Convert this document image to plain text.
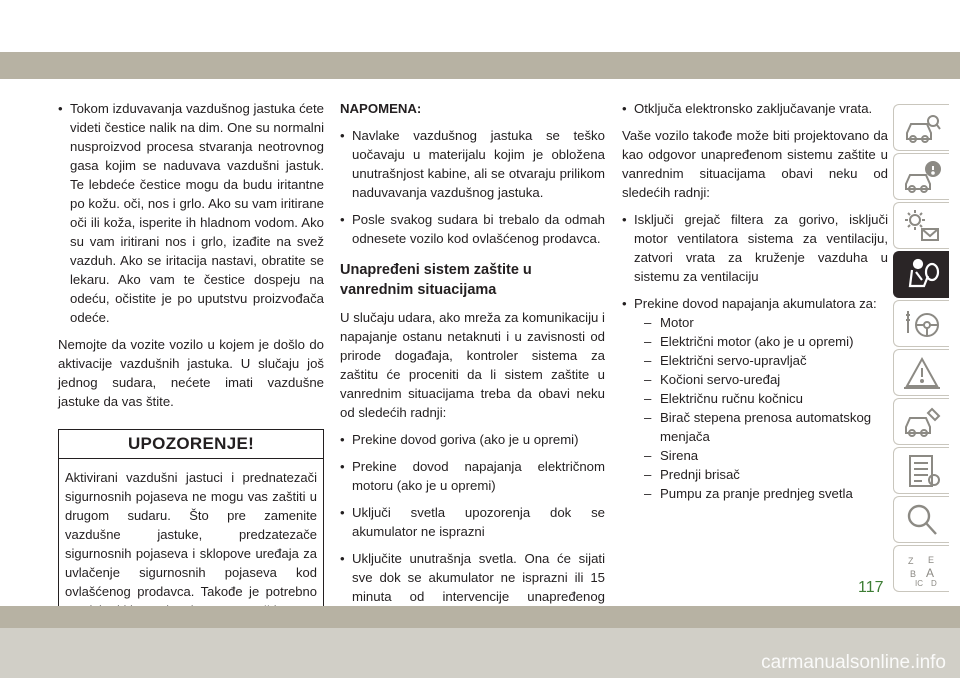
• Tokom izduvavanja vazdušnog jastuka ćete videti čestice nalik na dim. One su normalni nusproizvod procesa stvaranja neotrovnog gasa kojim se naduvava vazdušni jastuk. Te lebdeće čestice mogu da budu iritantne po kožu. oči, nos i grlo. Ako su vam iritirane oči ili koža, isperite ih hladnom vodom. Ako su vam iritirani nos i grlo, izađite na svež vazduh. Ako se iritacija nastavi, obratite se lekaru. Ako vam te čestice dospeju na odeću, očistite je po uputstvu proizvođača odeće.
Nemojte da vozite vozilo u kojem je došlo do aktivacije vazdušnih jastuka. U slučaju još jednog sudara, nećete imati vazdušne jastuke da vas štite.
UPOZORENJE!
Aktivirani vazdušni jastuci i prednatezači sigurnosnih pojaseva ne mogu vas zaštiti u drugom sudaru. Što pre zamenite vazdušne jastuke, predzatezače sigurnosnih pojaseva i sklopove uređaja za uvlačenje sigurnosnih pojaseva kod ovlašćenog prodavca. Takođe je potrebno
NAPOMENA:
• Navlake vazdušnog jastuka se teško uočavaju u materijalu kojim je obložena unutrašnjost kabine, ali se otvaraju prilikom naduvavanja vazdušnog jastuka.
• Posle svakog sudara bi trebalo da odmah odnesete vozilo kod ovlašćenog prodavca.
Unapređeni sistem zaštite u vanrednim situacijama
U slučaju udara, ako mreža za komunikaciju i napajanje ostanu netaknuti i u zavisnosti od prirode događaja, kontroler sistema za zaštitu će proceniti da li sistem zaštite u vanrednim situacijama treba da obavi neku od sledećih radnji:
• Prekine dovod goriva (ako je u opremi)
• Prekine dovod napajanja električnom motoru (ako je u opremi)
• Uključi svetla upozorenja dok se akumulator ne isprazni
• Uključite unutrašnja svetla. Ona će sijati sve dok se akumulator ne isprazni ili 15 minuta od intervencije unapređenog
• Otključa elektronsko zaključavanje vrata.
Vaše vozilo takođe može biti projektovano da kao odgovor unapređenom sistemu zaštite u vanrednim situacijama obavi neku od sledećih radnji:
• Isključi grejač filtera za gorivo, isključi motor ventilatora sistema za ventilaciju, zatvori vrata za kruženje vazduha u sistemu za ventilaciju
• Prekine dovod napajanja akumulatora za:
– Motor
– Električni motor (ako je u opremi)
– Električni servo-upravljač
– Kočioni servo-uređaj
– Električnu ručnu kočnicu
– Birač stepena prenosa automatskog menjača
– Sirena
– Prednji brisač
– Pumpu za pranje prednjeg svetla
Z E
B A
IC D
117
carmanualsonline.info
